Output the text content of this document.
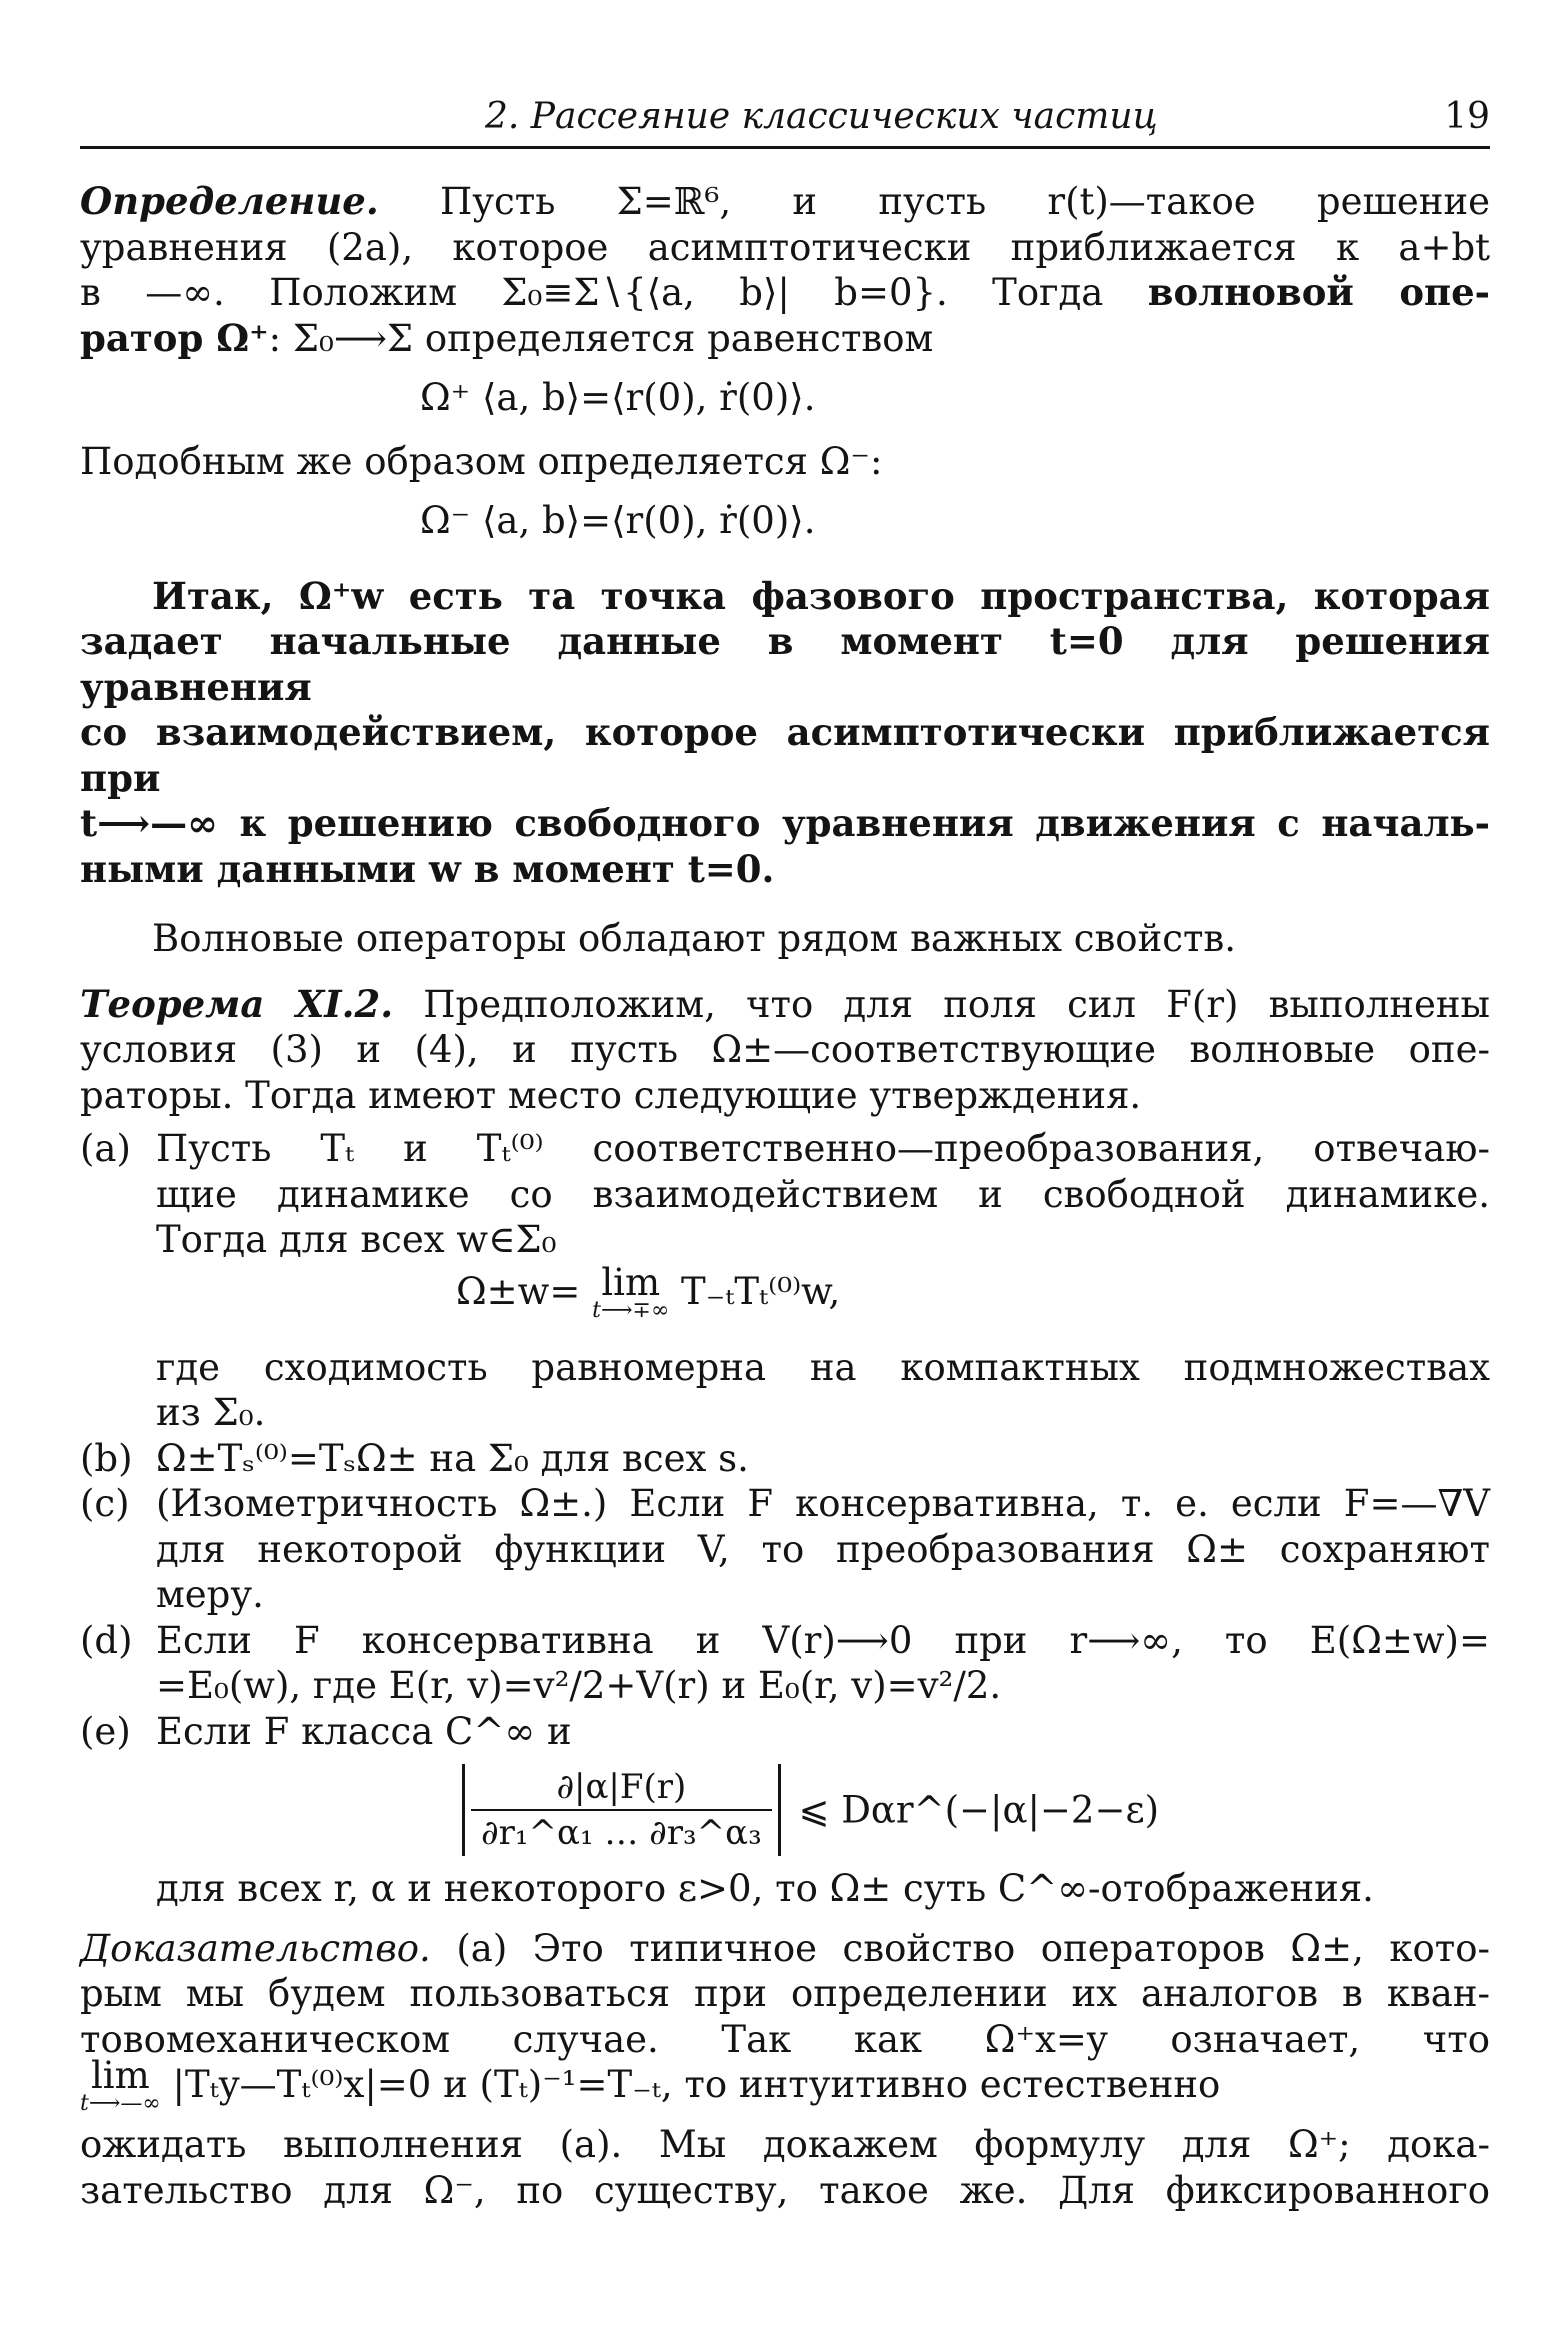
2. Рассеяние классических частиц	19

Определение. Пусть Σ=ℝ⁶, и пусть r(t)—такое решение

уравнения (2а), которое асимптотически приближается к a+bt

в —∞. Положим Σ₀≡Σ∖{⟨a, b⟩| b=0}. Тогда волновой опе-

ратор Ω⁺: Σ₀⟶Σ определяется равенством

Ω⁺ ⟨a, b⟩=⟨r(0), ṙ(0)⟩.

Подобным же образом определяется Ω⁻:

Ω⁻ ⟨a, b⟩=⟨r(0), ṙ(0)⟩.

Итак, Ω⁺w есть та точка фазового пространства, которая

задает начальные данные в момент t=0 для решения уравнения

со взаимодействием, которое асимптотически приближается при

t⟶—∞ к решению свободного уравнения движения с началь-

ными данными w в момент t=0.

Волновые операторы обладают рядом важных свойств.

Теорема XI.2. Предположим, что для поля сил F(r) выполнены

условия (3) и (4), и пусть Ω±—соответствующие волновые опе-

раторы. Тогда имеют место следующие утверждения.

(a) Пусть Tₜ и Tₜ⁽⁰⁾ соответственно—преобразования, отвечаю-

щие динамике со взаимодействием и свободной динамике.

Тогда для всех w∈Σ₀

Ω±w= lim
t⟶∓∞ T₋ₜTₜ⁽⁰⁾w,

где сходимость равномерна на компактных подмножествах

из Σ₀.

(b) Ω±Tₛ⁽⁰⁾=TₛΩ± на Σ₀ для всех s.

(c) (Изометричность Ω±.) Если F консервативна, т. е. если F=—∇V

для некоторой функции V, то преобразования Ω± сохраняют

меру.

(d) Если F консервативна и V(r)⟶0 при r⟶∞, то E(Ω±w)=

=E₀(w), где E(r, v)=v²/2+V(r) и E₀(r, v)=v²/2.

(e) Если F класса C^∞ и

$\frac{\partial|\alpha|F(r)}{\text{∂r₁\textasciicircum{}α₁ … ∂r₃\textasciicircum{}α₃}}$ ⩽ Dαr^(−|α|−2−ε)

для всех r, α и некоторого ε>0, то Ω± суть C^∞-отображения.

Доказательство. (а) Это типичное свойство операторов Ω±, кото-

рым мы будем пользоваться при определении их аналогов в кван-

товомеханическом случае. Так как Ω⁺x=y означает, что

lim
t⟶—∞ |Tₜy—Tₜ⁽⁰⁾x|=0 и (Tₜ)⁻¹=T₋ₜ, то интуитивно естественно

ожидать выполнения (а). Мы докажем формулу для Ω⁺; дока-

зательство для Ω⁻, по существу, такое же. Для фиксированного
